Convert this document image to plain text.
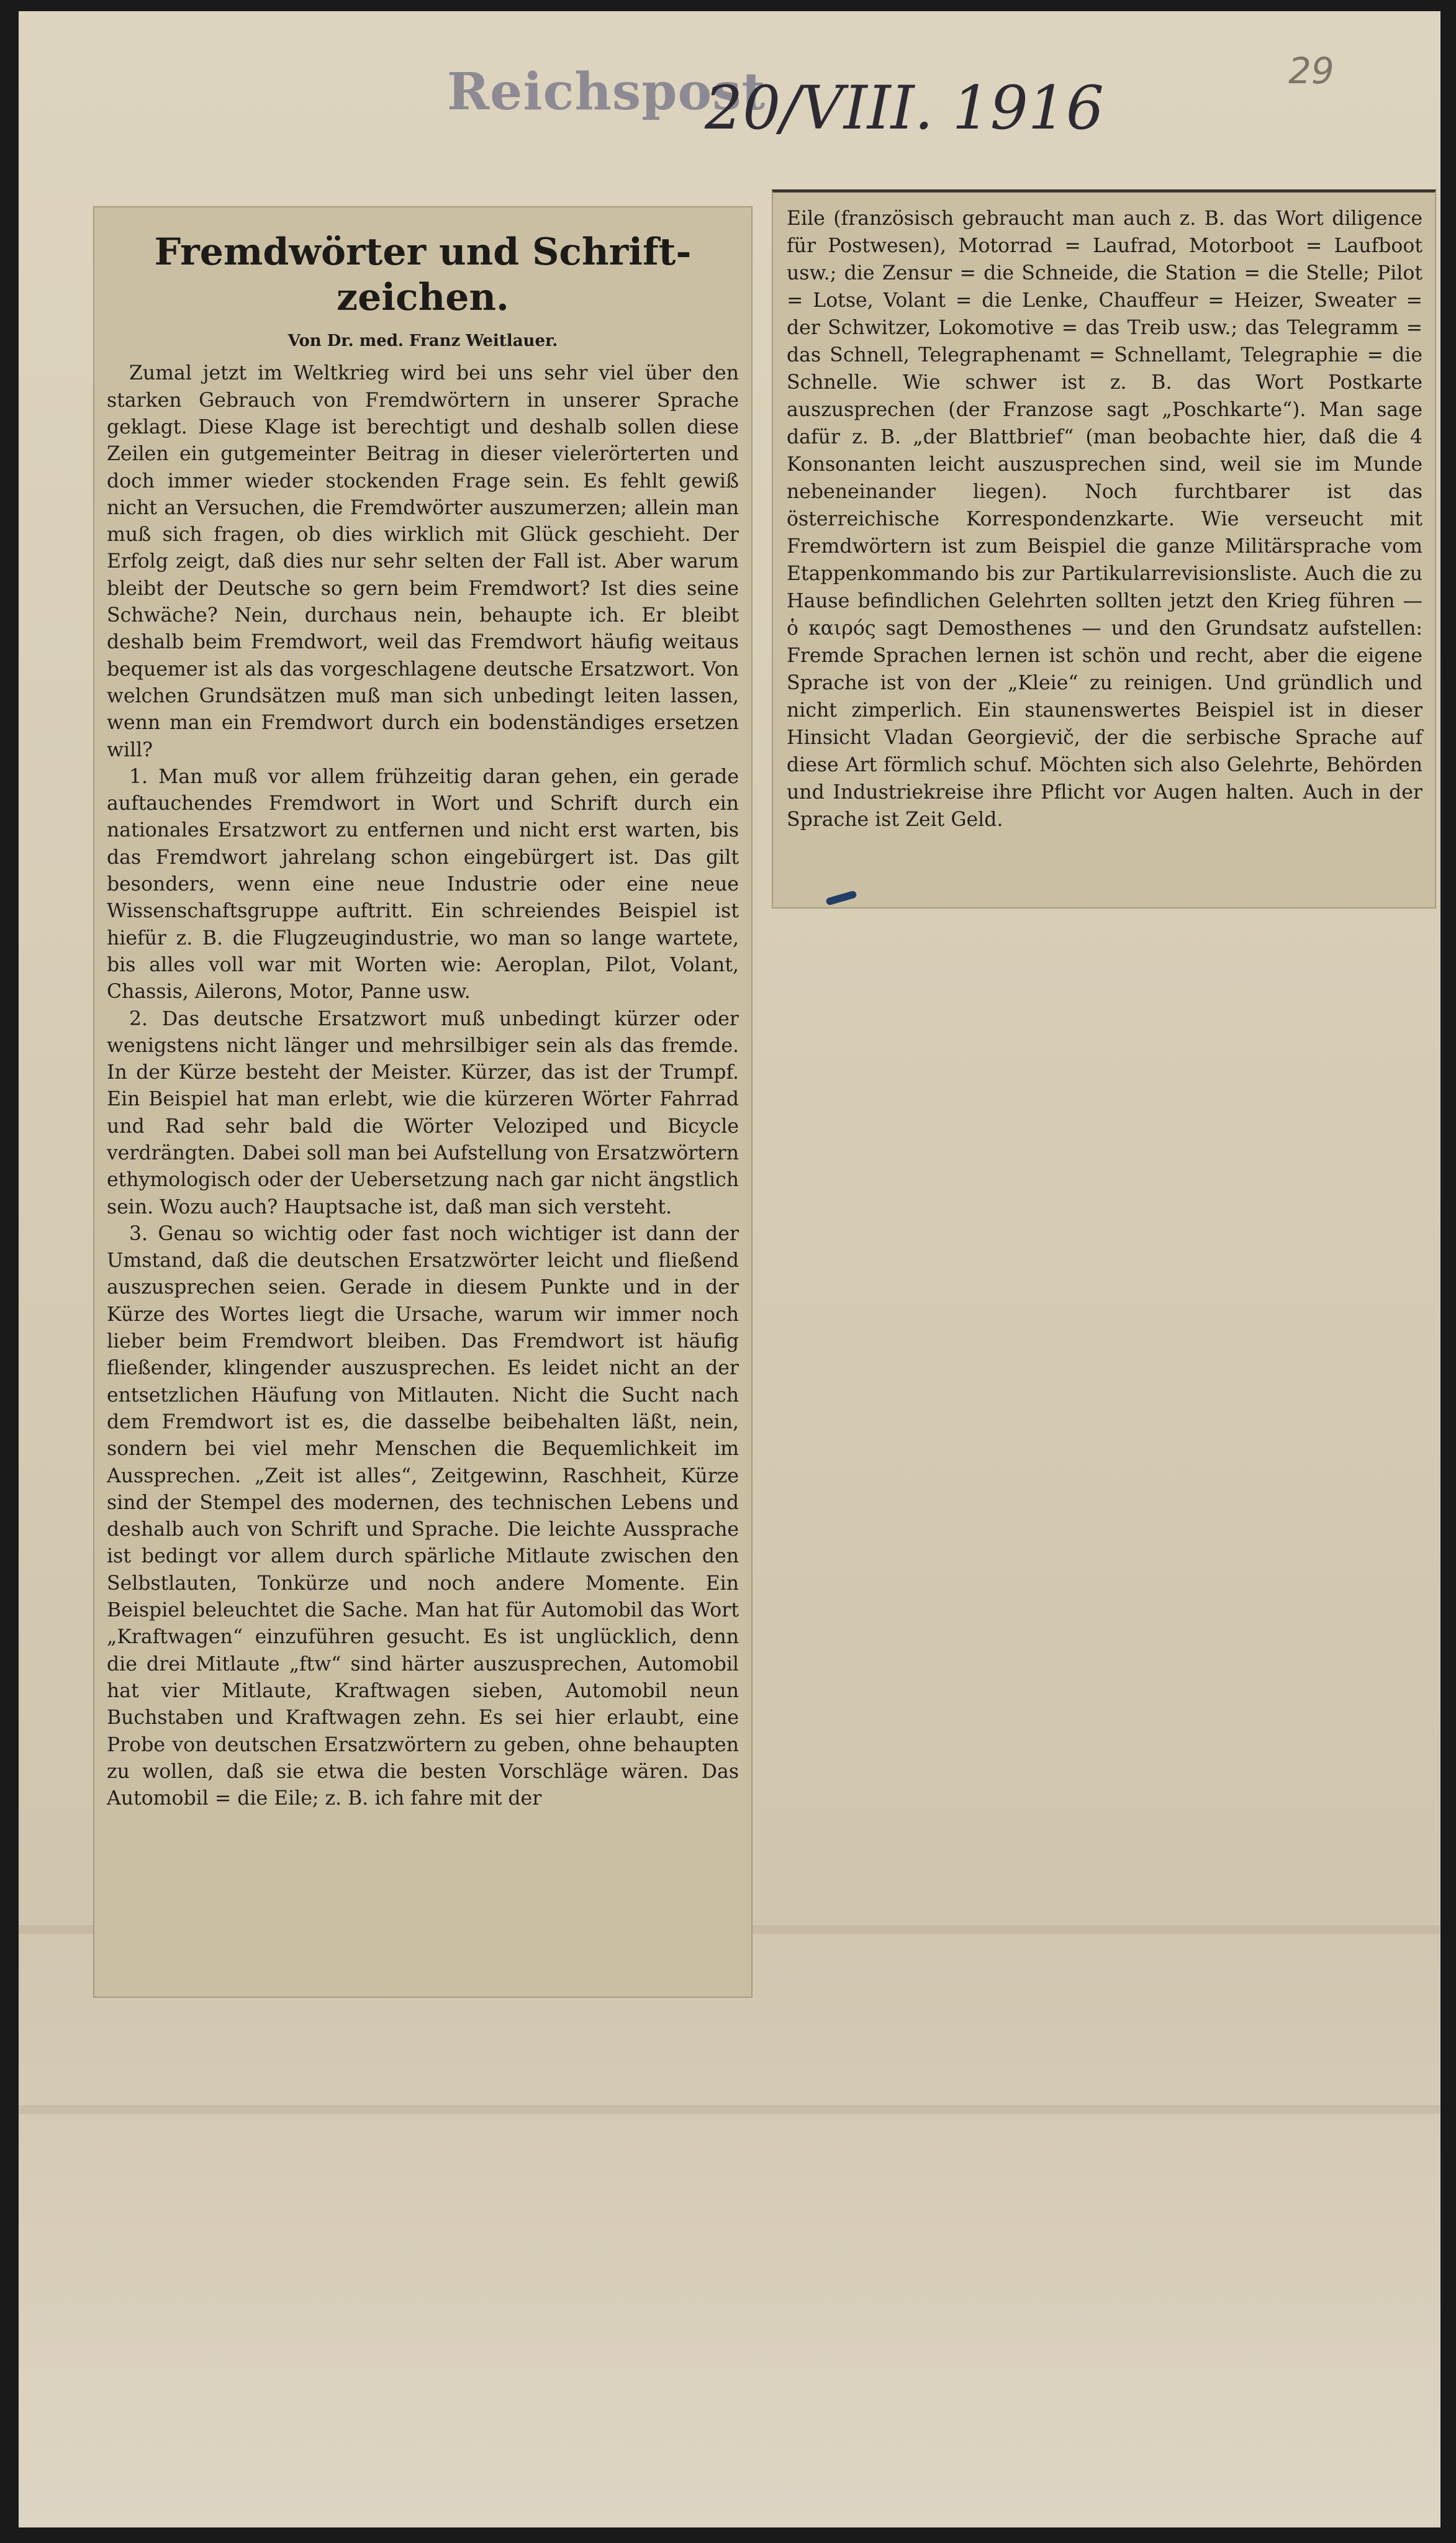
Reichspost
20/VIII. 1916
29
Fremdwörter und Schrift-zeichen.
Von Dr. med. Franz Weitlauer.

Zumal jetzt im Weltkrieg wird bei uns sehr viel über den starken Gebrauch von Fremdwörtern in unserer Sprache geklagt. Diese Klage ist berechtigt und deshalb sollen diese Zeilen ein gutgemeinter Beitrag in dieser vielerörterten und doch immer wieder stockenden Frage sein. Es fehlt gewiß nicht an Versuchen, die Fremdwörter auszumerzen; allein man muß sich fragen, ob dies wirklich mit Glück geschieht. Der Erfolg zeigt, daß dies nur sehr selten der Fall ist. Aber warum bleibt der Deutsche so gern beim Fremdwort? Ist dies seine Schwäche? Nein, durchaus nein, behaupte ich. Er bleibt deshalb beim Fremdwort, weil das Fremdwort häufig weitaus bequemer ist als das vorgeschlagene deutsche Ersatzwort. Von welchen Grundsätzen muß man sich unbedingt leiten lassen, wenn man ein Fremdwort durch ein bodenständiges ersetzen will?

1. Man muß vor allem frühzeitig daran gehen, ein gerade auftauchendes Fremdwort in Wort und Schrift durch ein nationales Ersatzwort zu entfernen und nicht erst warten, bis das Fremdwort jahrelang schon eingebürgert ist. Das gilt besonders, wenn eine neue Industrie oder eine neue Wissenschaftsgruppe auftritt. Ein schreiendes Beispiel ist hiefür z. B. die Flugzeugindustrie, wo man so lange wartete, bis alles voll war mit Worten wie: Aeroplan, Pilot, Volant, Chassis, Ailerons, Motor, Panne usw.

2. Das deutsche Ersatzwort muß unbedingt kürzer oder wenigstens nicht länger und mehrsilbiger sein als das fremde. In der Kürze besteht der Meister. Kürzer, das ist der Trumpf. Ein Beispiel hat man erlebt, wie die kürzeren Wörter Fahrrad und Rad sehr bald die Wörter Veloziped und Bicycle verdrängten. Dabei soll man bei Aufstellung von Ersatzwörtern ethymologisch oder der Uebersetzung nach gar nicht ängstlich sein. Wozu auch? Hauptsache ist, daß man sich versteht.

3. Genau so wichtig oder fast noch wichtiger ist dann der Umstand, daß die deutschen Ersatzwörter leicht und fließend auszusprechen seien. Gerade in diesem Punkte und in der Kürze des Wortes liegt die Ursache, warum wir immer noch lieber beim Fremdwort bleiben. Das Fremdwort ist häufig fließender, klingender auszusprechen. Es leidet nicht an der entsetzlichen Häufung von Mitlauten. Nicht die Sucht nach dem Fremdwort ist es, die dasselbe beibehalten läßt, nein, sondern bei viel mehr Menschen die Bequemlichkeit im Aussprechen. „Zeit ist alles“, Zeitgewinn, Raschheit, Kürze sind der Stempel des modernen, des technischen Lebens und deshalb auch von Schrift und Sprache. Die leichte Aussprache ist bedingt vor allem durch spärliche Mitlaute zwischen den Selbstlauten, Tonkürze und noch andere Momente. Ein Beispiel beleuchtet die Sache. Man hat für Automobil das Wort „Kraftwagen“ einzuführen gesucht. Es ist unglücklich, denn die drei Mitlaute „ftw“ sind härter auszusprechen, Automobil hat vier Mitlaute, Kraftwagen sieben, Automobil neun Buchstaben und Kraftwagen zehn. Es sei hier erlaubt, eine Probe von deutschen Ersatzwörtern zu geben, ohne behaupten zu wollen, daß sie etwa die besten Vorschläge wären. Das Automobil = die Eile; z. B. ich fahre mit der

Eile (französisch gebraucht man auch z. B. das Wort diligence für Postwesen), Motorrad = Laufrad, Motorboot = Laufboot usw.; die Zensur = die Schneide, die Station = die Stelle; Pilot = Lotse, Volant = die Lenke, Chauffeur = Heizer, Sweater = der Schwitzer, Lokomotive = das Treib usw.; das Telegramm = das Schnell, Telegraphenamt = Schnellamt, Telegraphie = die Schnelle. Wie schwer ist z. B. das Wort Postkarte auszusprechen (der Franzose sagt „Poschkarte“). Man sage dafür z. B. „der Blattbrief“ (man beobachte hier, daß die 4 Konsonanten leicht auszusprechen sind, weil sie im Munde nebeneinander liegen). Noch furchtbarer ist das österreichische Korrespondenzkarte. Wie verseucht mit Fremdwörtern ist zum Beispiel die ganze Militärsprache vom Etappenkommando bis zur Partikularrevisionsliste. Auch die zu Hause befindlichen Gelehrten sollten jetzt den Krieg führen — ὁ καιρός sagt Demosthenes — und den Grundsatz aufstellen: Fremde Sprachen lernen ist schön und recht, aber die eigene Sprache ist von der „Kleie“ zu reinigen. Und gründlich und nicht zimperlich. Ein staunenswertes Beispiel ist in dieser Hinsicht Vladan Georgievič, der die serbische Sprache auf diese Art förmlich schuf. Möchten sich also Gelehrte, Behörden und Industriekreise ihre Pflicht vor Augen halten. Auch in der Sprache ist Zeit Geld.
